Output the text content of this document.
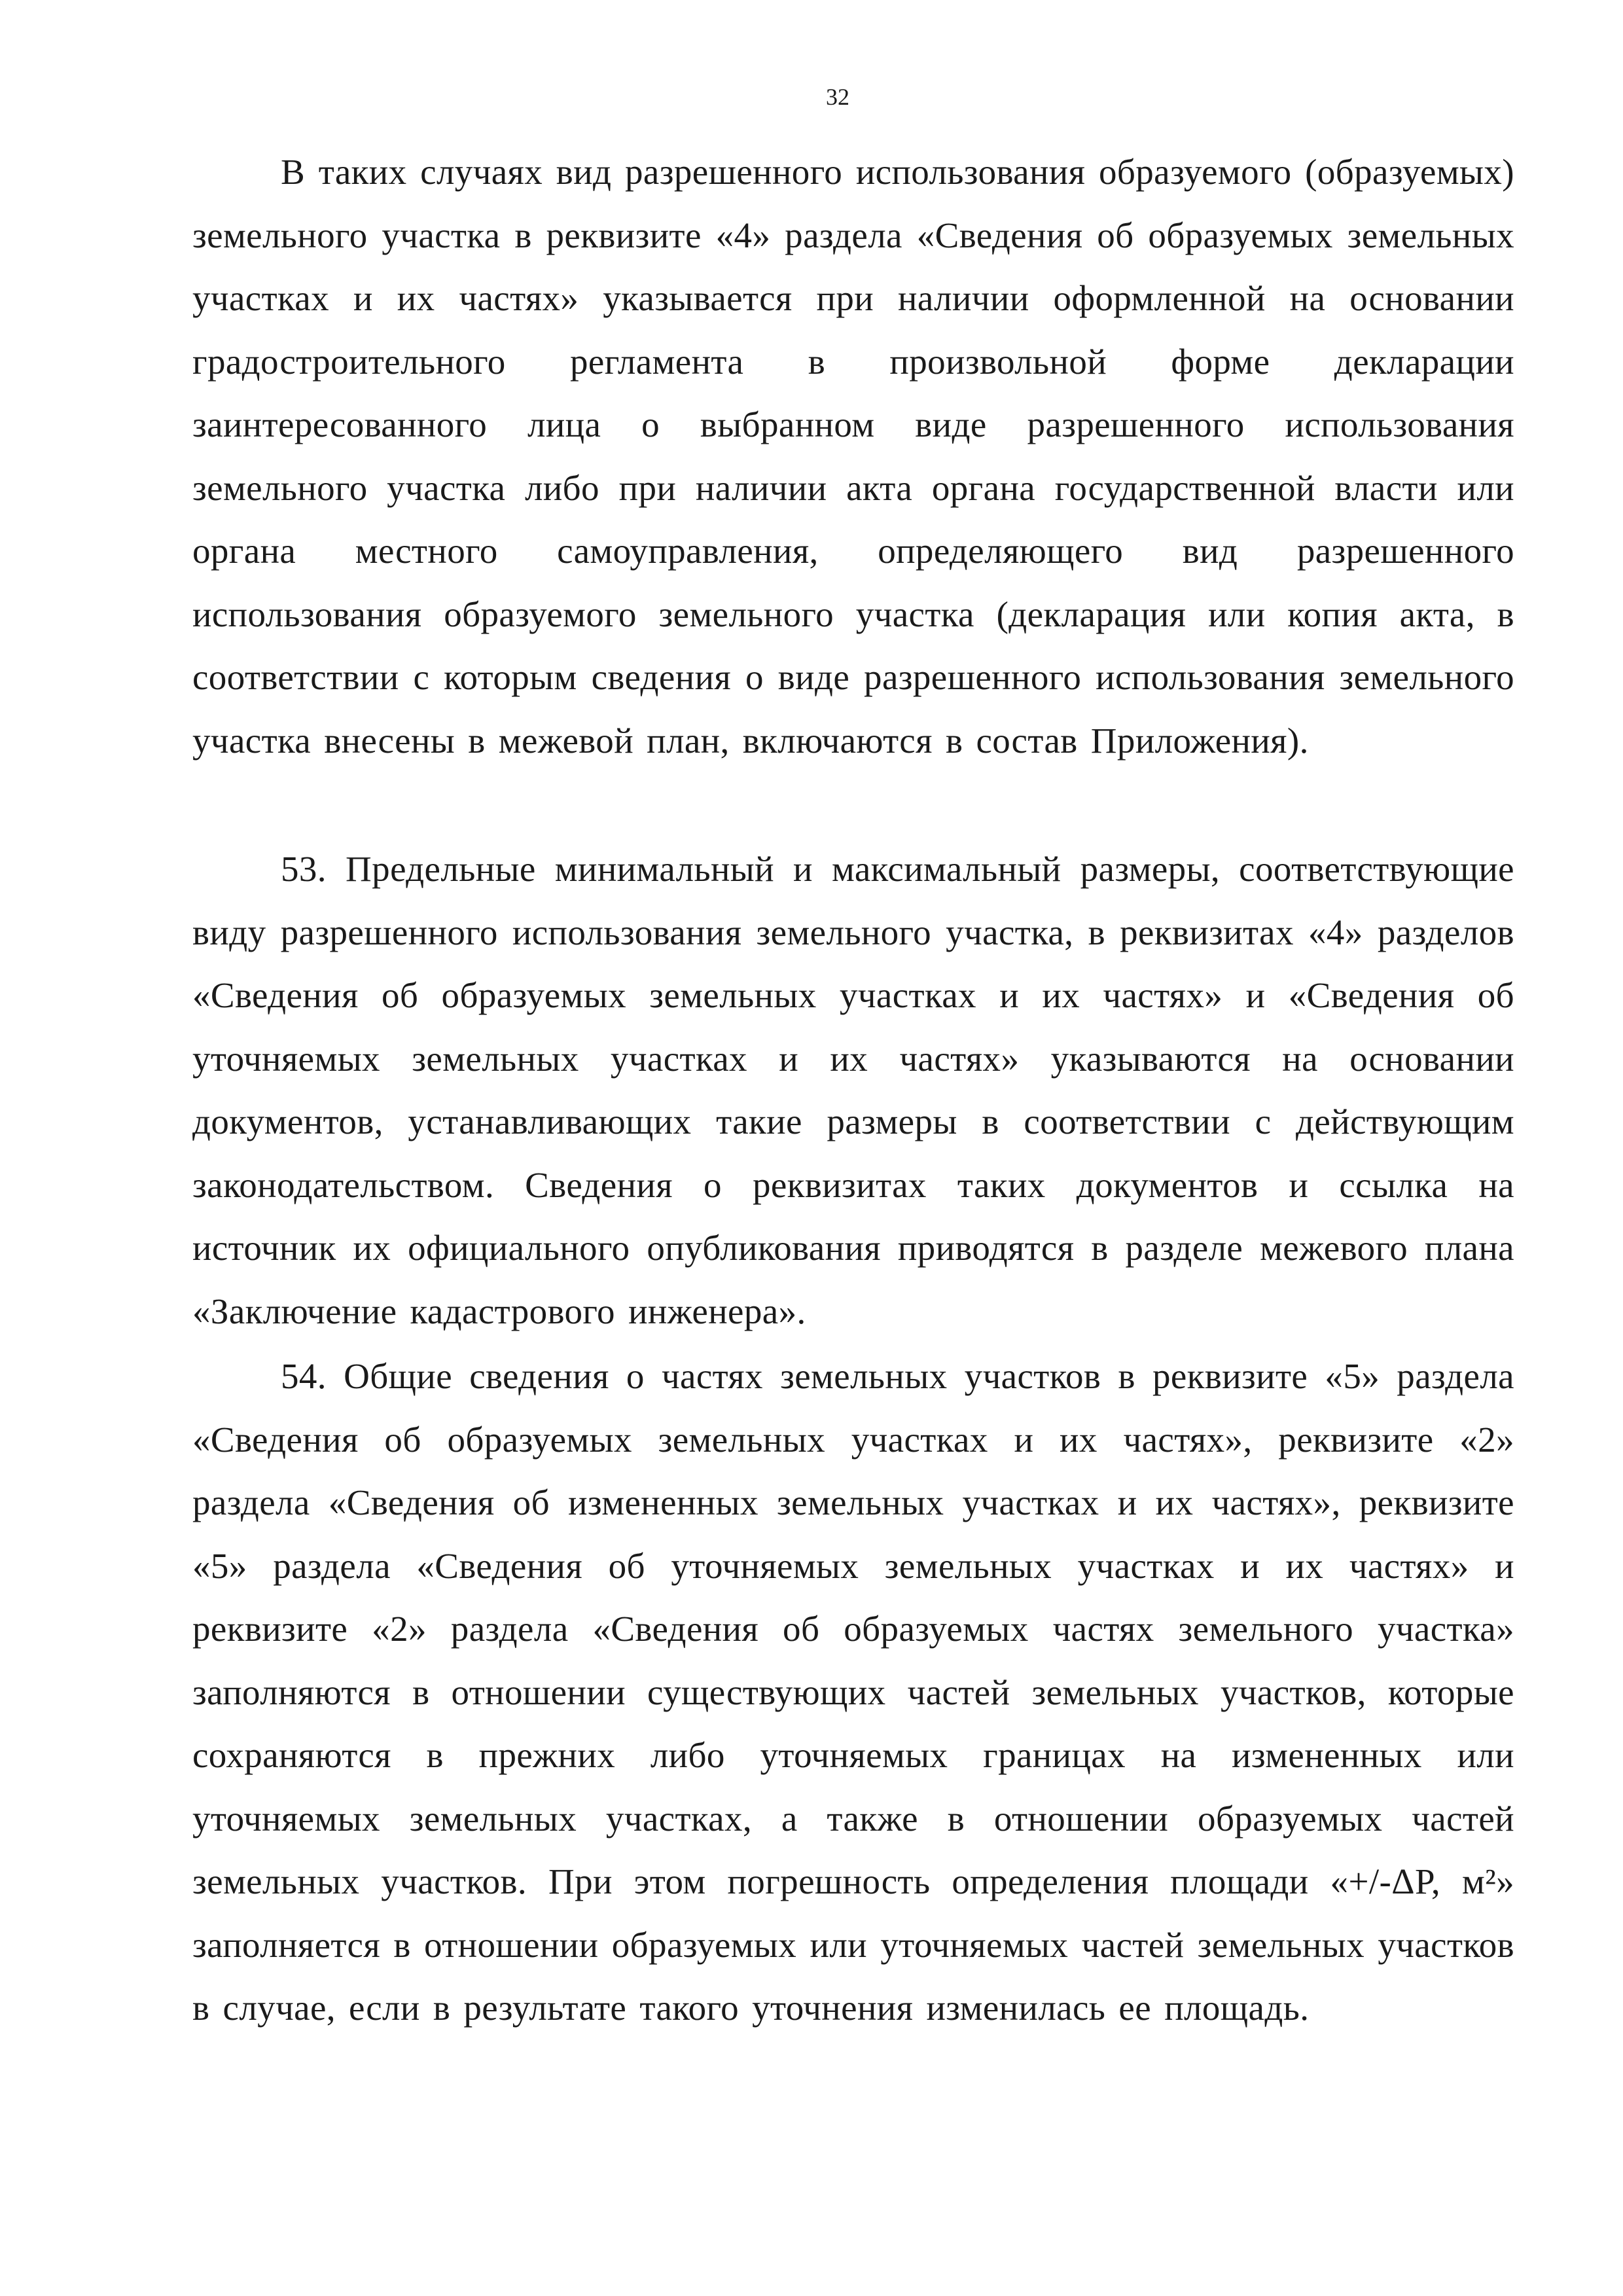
32

В таких случаях вид разрешенного использования образуемого (образуемых) земельного участка в реквизите «4» раздела «Сведения об образуемых земельных участках и их частях» указывается при наличии оформленной на основании градостроительного регламента в произвольной форме декларации заинтересованного лица о выбранном виде разрешенного использования земельного участка либо при наличии акта органа государственной власти или органа местного самоуправления, определяющего вид разрешенного использования образуемого земельного участка (декларация или копия акта, в соответствии с которым сведения о виде разрешенного использования земельного участка внесены в межевой план, включаются в состав Приложения).

53. Предельные минимальный и максимальный размеры, соответствующие виду разрешенного использования земельного участка, в реквизитах «4» разделов «Сведения об образуемых земельных участках и их частях» и «Сведения об уточняемых земельных участках и их частях» указываются на основании документов, устанавливающих такие размеры в соответствии с действующим законодательством. Сведения о реквизитах таких документов и ссылка на источник их официального опубликования приводятся в разделе межевого плана «Заключение кадастрового инженера».

54. Общие сведения о частях земельных участков в реквизите «5» раздела «Сведения об образуемых земельных участках и их частях», реквизите «2» раздела «Сведения об измененных земельных участках и их частях», реквизите «5» раздела «Сведения об уточняемых земельных участках и их частях» и реквизите «2» раздела «Сведения об образуемых частях земельного участка» заполняются в отношении существующих частей земельных участков, которые сохраняются в прежних либо уточняемых границах на измененных или уточняемых земельных участках, а также в отношении образуемых частей земельных участков. При этом погрешность определения площади «+/-ΔP, м²» заполняется в отношении образуемых или уточняемых частей земельных участков в случае, если в результате такого уточнения изменилась ее площадь.
